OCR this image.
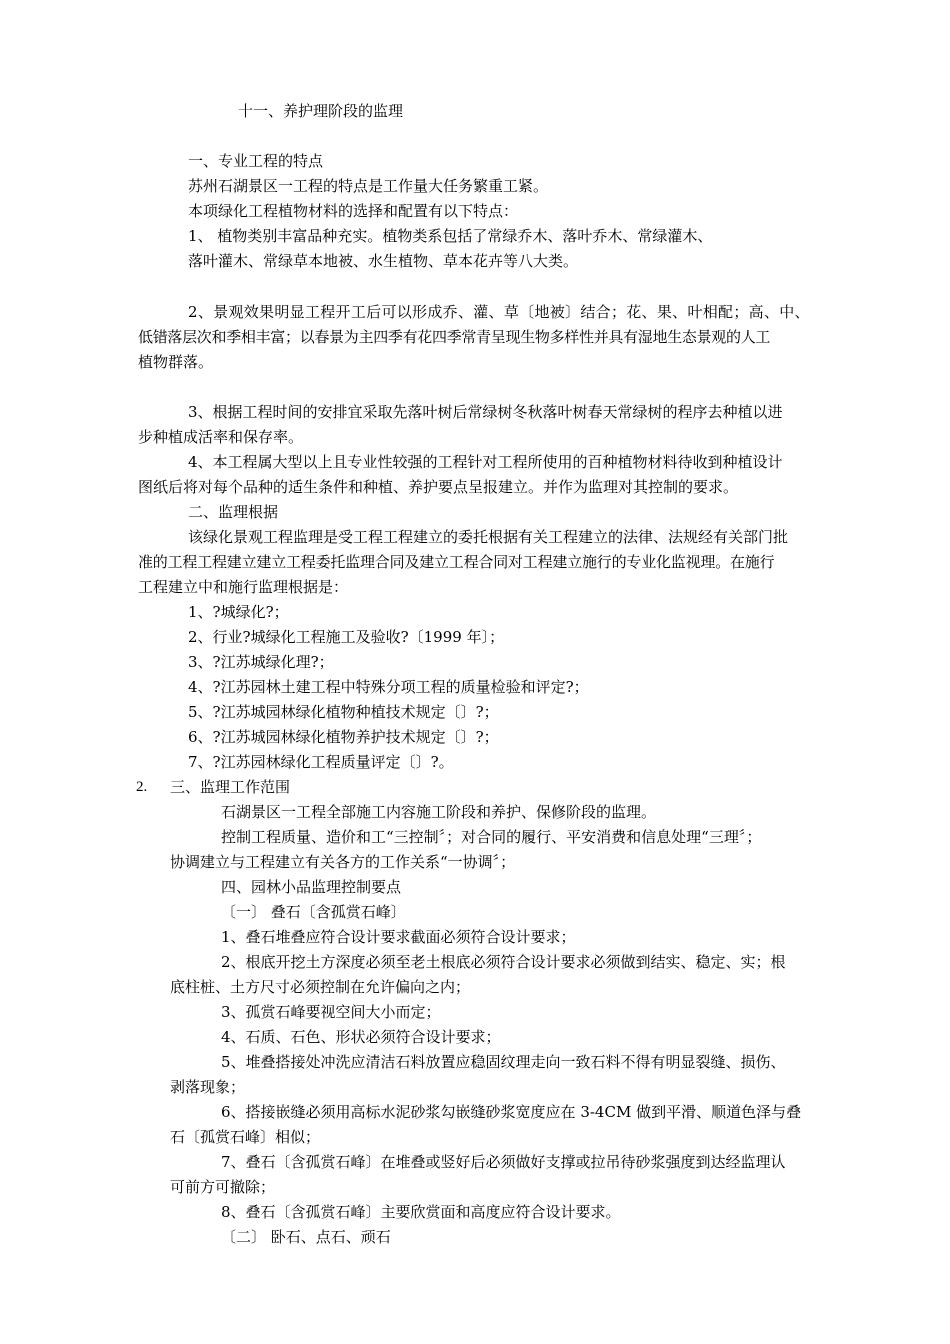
十一、养护理阶段的监理
一、专业工程的特点
苏州石湖景区一工程的特点是工作量大任务繁重工紧。
本项绿化工程植物材料的选择和配置有以下特点：
1、 植物类别丰富品种充实。植物类系包括了常绿乔木、落叶乔木、常绿灌木、
落叶灌木、常绿草本地被、水生植物、草本花卉等八大类。
2、景观效果明显工程开工后可以形成乔、灌、草〔地被〕结合；花、果、叶相配；高、中、
低错落层次和季相丰富；以春景为主四季有花四季常青呈现生物多样性并具有湿地生态景观的人工
植物群落。
3、根据工程时间的安排宜采取先落叶树后常绿树冬秋落叶树春天常绿树的程序去种植以进
步种植成活率和保存率。
4、本工程属大型以上且专业性较强的工程针对工程所使用的百种植物材料待收到种植设计
图纸后将对每个品种的适生条件和种植、养护要点呈报建立。并作为监理对其控制的要求。
二、监理根据
该绿化景观工程监理是受工程工程建立的委托根据有关工程建立的法律、法规经有关部门批
准的工程工程建立建立工程委托监理合同及建立工程合同对工程建立施行的专业化监视理。在施行
工程建立中和施行监理根据是：
1、?城绿化?；
2、行业?城绿化工程施工及验收?〔1999 年〕；
3、?江苏城绿化理?；
4、?江苏园林土建工程中特殊分项工程的质量检验和评定?；
5、?江苏城园林绿化植物种植技术规定〔〕?；
6、?江苏城园林绿化植物养护技术规定〔〕?；
7、?江苏园林绿化工程质量评定〔〕?。
2. 三、监理工作范围
石湖景区一工程全部施工内容施工阶段和养护、保修阶段的监理。
控制工程质量、造价和工“三控制〞；对合同的履行、平安消费和信息处理“三理〞；
协调建立与工程建立有关各方的工作关系“一协调〞；
四、园林小品监理控制要点
〔一〕 叠石〔含孤赏石峰〕
1、叠石堆叠应符合设计要求截面必须符合设计要求；
2、根底开挖土方深度必须至老土根底必须符合设计要求必须做到结实、稳定、实；根
底柱桩、土方尺寸必须控制在允许偏向之内；
3、孤赏石峰要视空间大小而定；
4、石质、石色、形状必须符合设计要求；
5、堆叠搭接处冲洗应清洁石料放置应稳固纹理走向一致石料不得有明显裂缝、损伤、
剥落现象；
6、搭接嵌缝必须用高标水泥砂浆勾嵌缝砂浆宽度应在 3-4CM 做到平滑、顺道色泽与叠
石〔孤赏石峰〕相似；
7、叠石〔含孤赏石峰〕在堆叠或竖好后必须做好支撑或拉吊待砂浆强度到达经监理认
可前方可撤除；
8、叠石〔含孤赏石峰〕主要欣赏面和高度应符合设计要求。
〔二〕 卧石、点石、顽石
